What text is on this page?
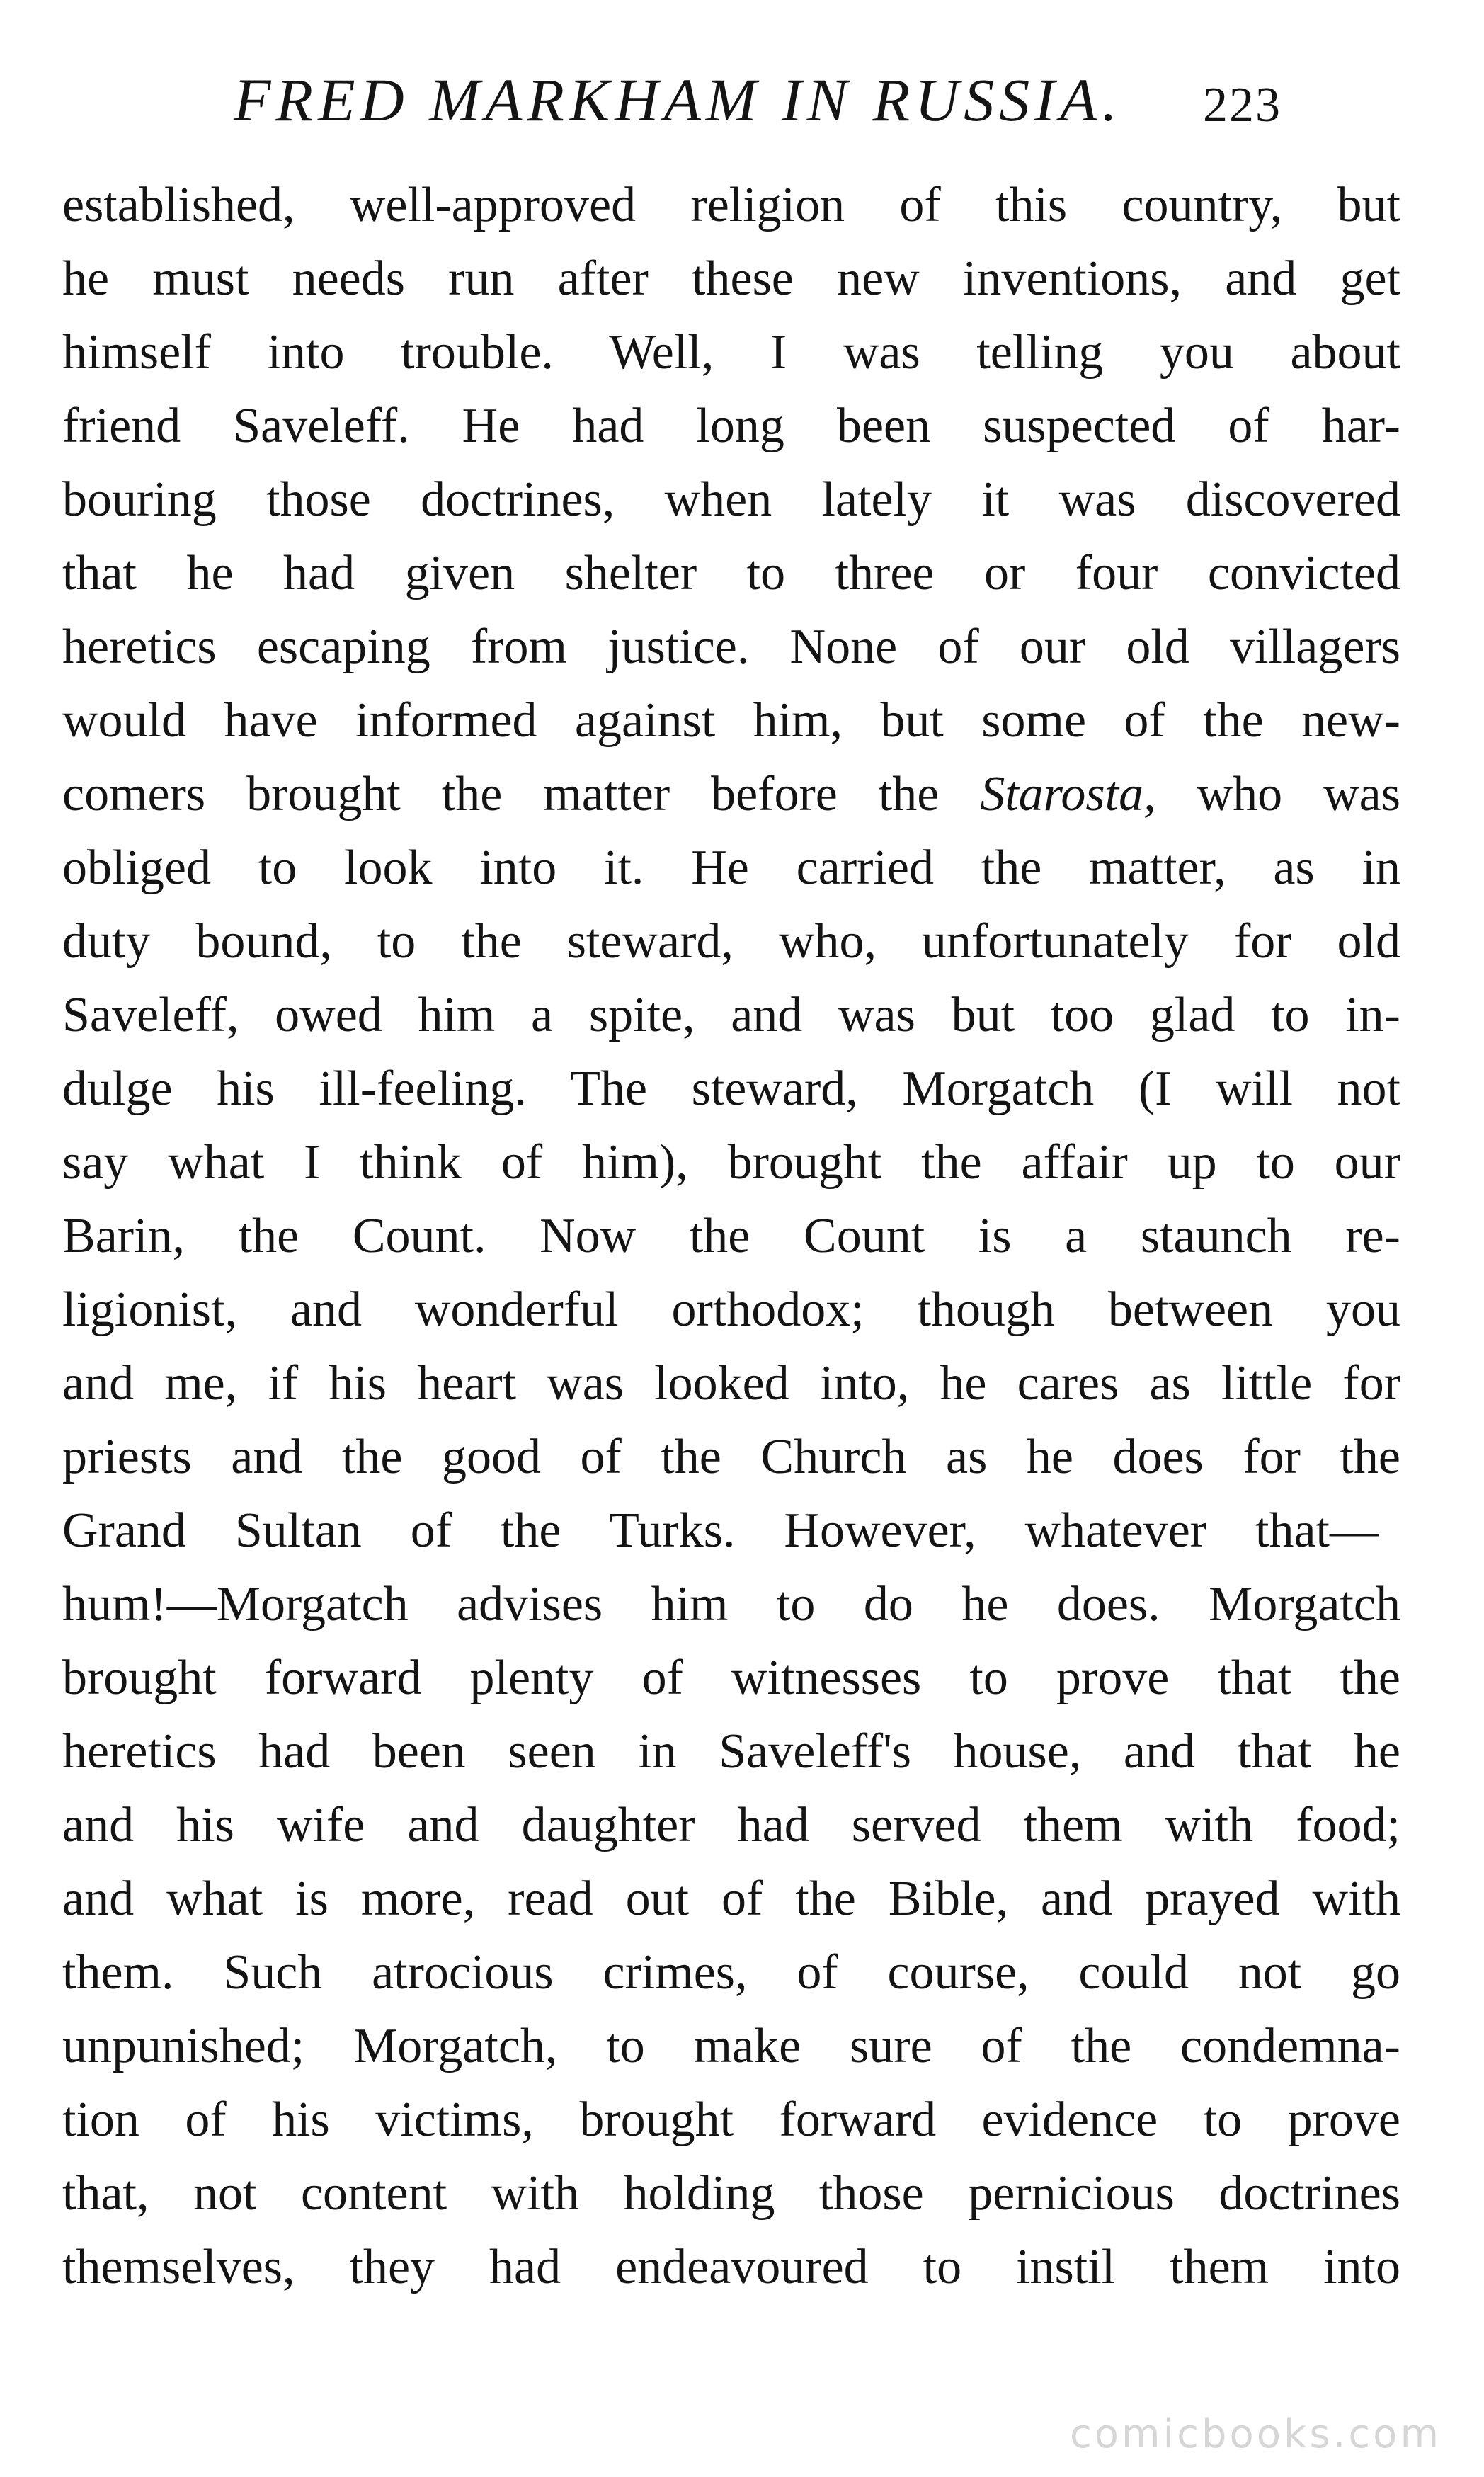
FRED MARKHAM IN RUSSIA. 223
established, well-approved religion of this country, but
he must needs run after these new inventions, and get
himself into trouble. Well, I was telling you about
friend Saveleff. He had long been suspected of har-
bouring those doctrines, when lately it was discovered
that he had given shelter to three or four convicted
heretics escaping from justice. None of our old villagers
would have informed against him, but some of the new-
comers brought the matter before the Starosta, who was
obliged to look into it. He carried the matter, as in
duty bound, to the steward, who, unfortunately for old
Saveleff, owed him a spite, and was but too glad to in-
dulge his ill-feeling. The steward, Morgatch (I will not
say what I think of him), brought the affair up to our
Barin, the Count. Now the Count is a staunch re-
ligionist, and wonderful orthodox; though between you
and me, if his heart was looked into, he cares as little for
priests and the good of the Church as he does for the
Grand Sultan of the Turks. However, whatever that—
hum!—Morgatch advises him to do he does. Morgatch
brought forward plenty of witnesses to prove that the
heretics had been seen in Saveleff's house, and that he
and his wife and daughter had served them with food;
and what is more, read out of the Bible, and prayed with
them. Such atrocious crimes, of course, could not go
unpunished; Morgatch, to make sure of the condemna-
tion of his victims, brought forward evidence to prove
that, not content with holding those pernicious doctrines
themselves, they had endeavoured to instil them into
comicbooks.com
